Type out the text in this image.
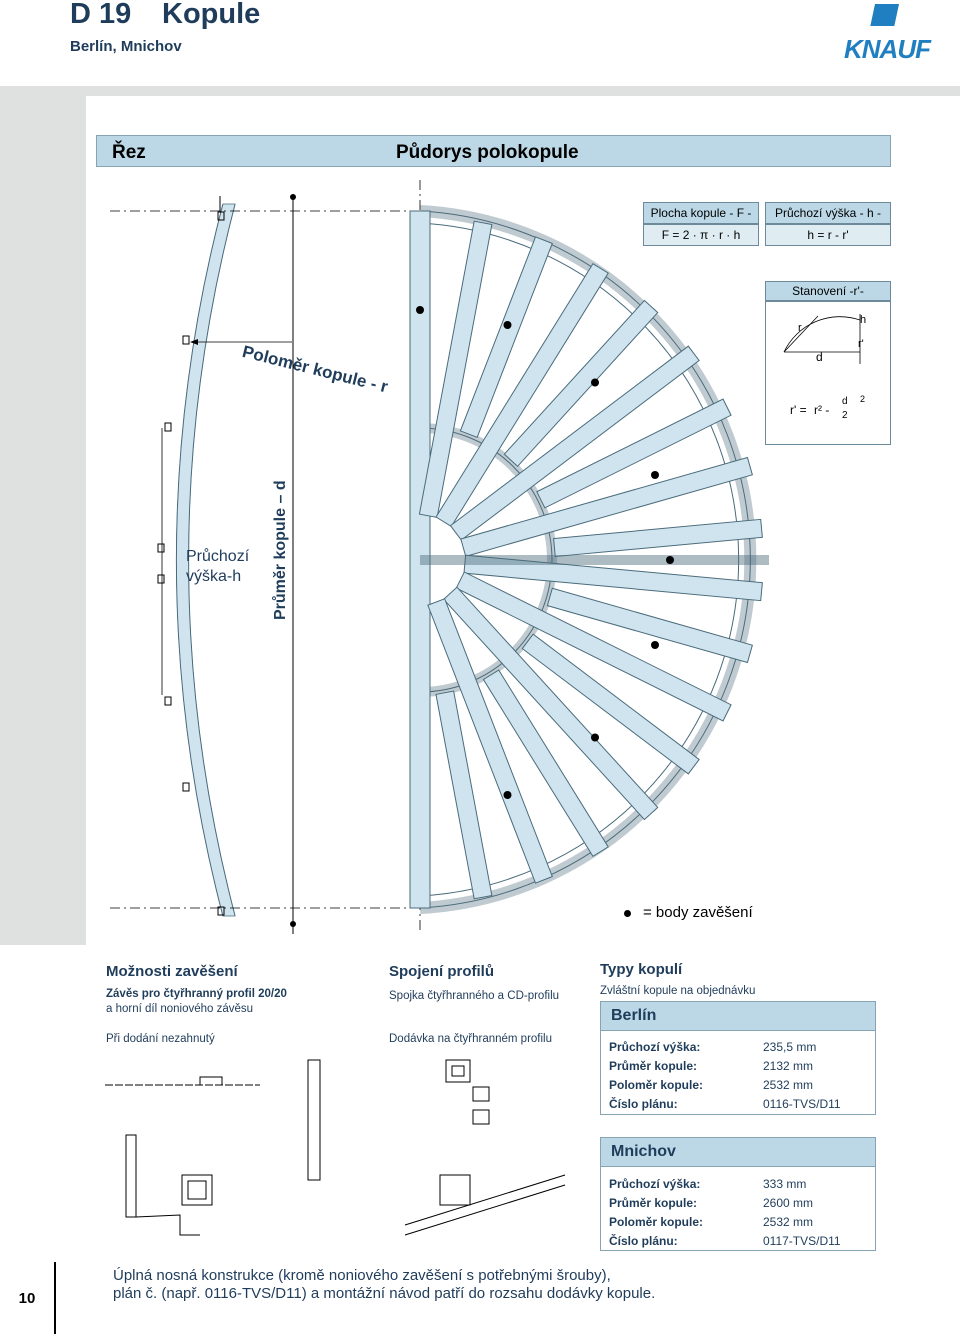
D 19 Kopule
Berlín, Mnichov	KNAUF
Řez	Půdorys polokopule
Poloměr kopule - r
Průchozí
výška-h Průměr kopule – d
Plocha kopule - F -
F = 2 · π · r · h
Průchozí výška - h -
h = r - r'
Stanovení -r'-
r
d
h
r'
r' = r² -
d
2
2
= body zavěšení
Možnosti zavěšení
Závěs pro čtyřhranný profil 20/20
a horní díl noniového závěsu
Při dodání nezahnutý
Spojení profilů
Spojka čtyřhranného a CD-profilu
Dodávka na čtyřhranném profilu
Typy kopulí
Zvláštní kopule na objednávku
Berlín
Průchozí výška:	235,5 mm
Průměr kopule:	2132 mm
Poloměr kopule:	2532 mm
Číslo plánu:	0116-TVS/D11
Mnichov
Průchozí výška:	333 mm
Průměr kopule:	2600 mm
Poloměr kopule:	2532 mm
Číslo plánu:	0117-TVS/D11
10
Úplná nosná konstrukce (kromě noniového zavěšení s potřebnými šrouby),
plán č. (např. 0116-TVS/D11) a montážní návod patří do rozsahu dodávky kopule.
